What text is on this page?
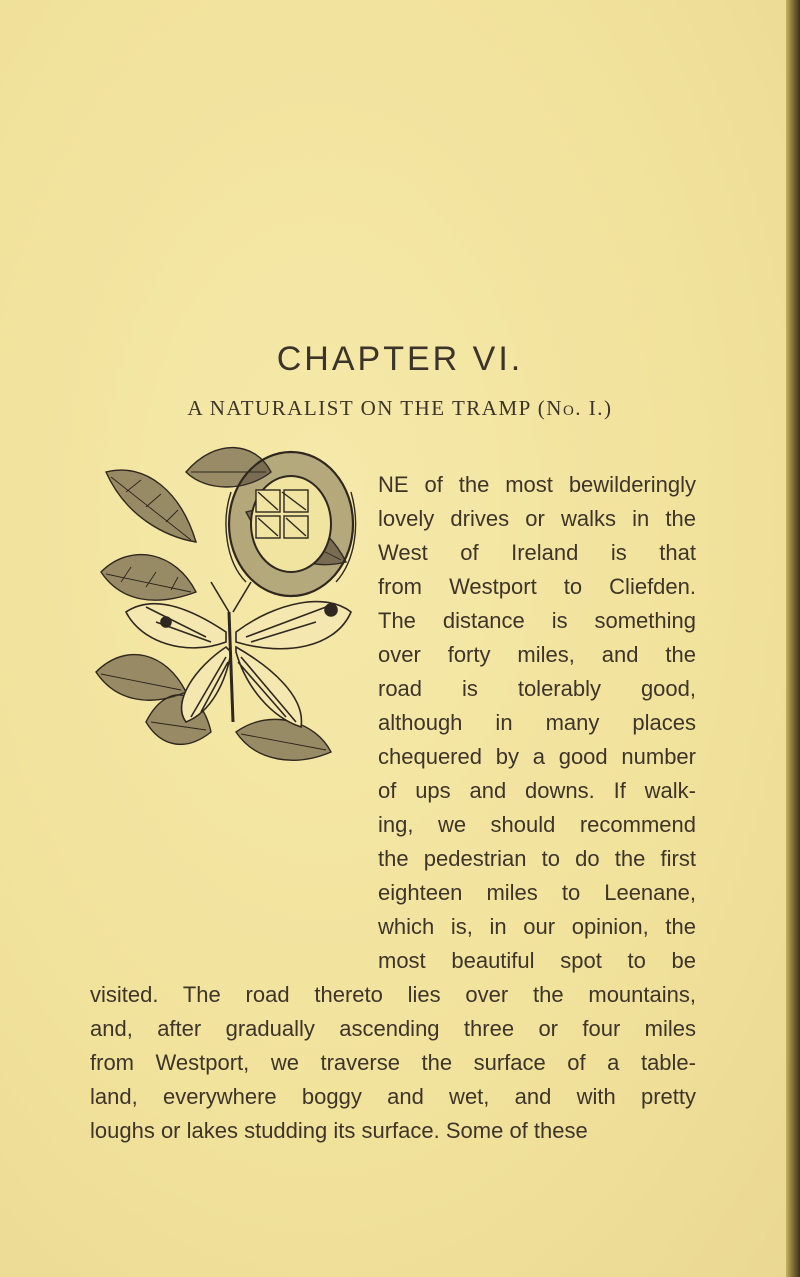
CHAPTER VI.
A NATURALIST ON THE TRAMP (No. I.)
NE of the most bewilderingly
lovely drives or walks in the
West of Ireland is that
from Westport to Cliefden.
The distance is something
over forty miles, and the
road is tolerably good,
although in many places
chequered by a good number
of ups and downs. If walk-
ing, we should recommend
the pedestrian to do the first
eighteen miles to Leenane,
which is, in our opinion, the
most beautiful spot to be
visited. The road thereto lies over the mountains,
and, after gradually ascending three or four miles
from Westport, we traverse the surface of a table-
land, everywhere boggy and wet, and with pretty
loughs or lakes studding its surface. Some of these
